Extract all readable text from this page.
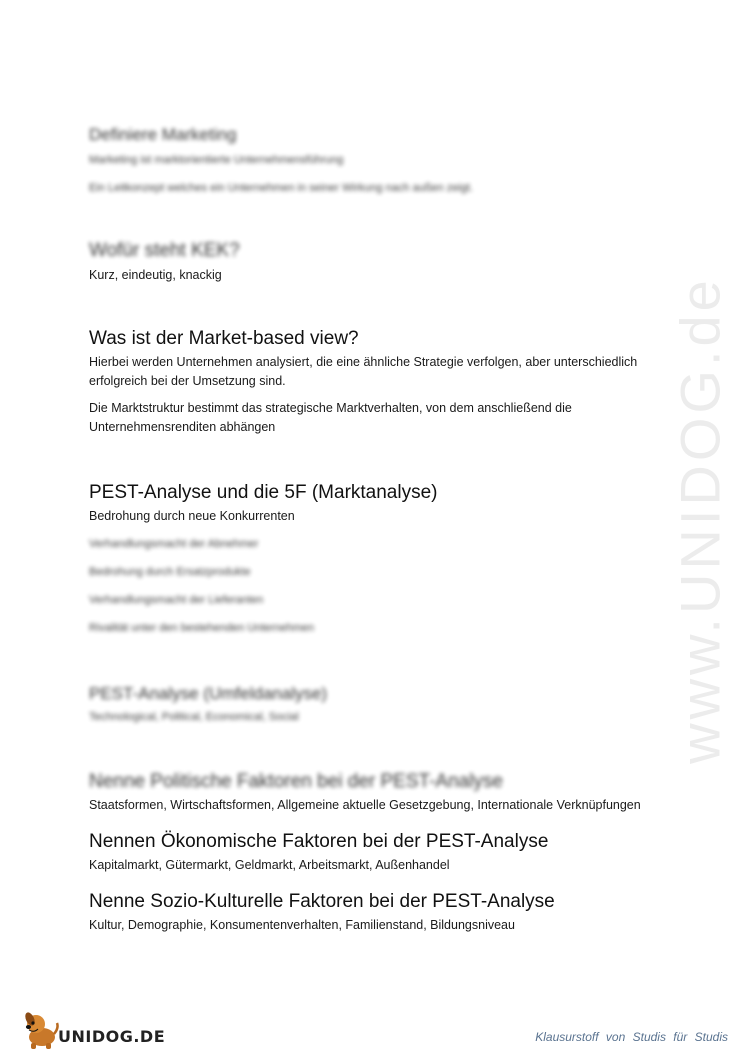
Definiere Marketing

Marketing ist marktorientierte Unternehmensführung

Ein Leitkonzept welches ein Unternehmen in seiner Wirkung nach außen zeigt.

Wofür steht KEK?

Kurz, eindeutig, knackig

Was ist der Market-based view?

Hierbei werden Unternehmen analysiert, die eine ähnliche Strategie verfolgen, aber unterschiedlich erfolgreich bei der Umsetzung sind.

Die Marktstruktur bestimmt das strategische Marktverhalten, von dem anschließend die Unternehmensrenditen abhängen

PEST-Analyse und die 5F (Marktanalyse)

Bedrohung durch neue Konkurrenten

Verhandlungsmacht der Abnehmer

Bedrohung durch Ersatzprodukte

Verhandlungsmacht der Lieferanten

Rivalität unter den bestehenden Unternehmen

PEST-Analyse (Umfeldanalyse)

Technological, Political, Economical, Social

Nenne Politische Faktoren bei der PEST-Analyse

Staatsformen, Wirtschaftsformen, Allgemeine aktuelle Gesetzgebung, Internationale Verknüpfungen

Nennen Ökonomische Faktoren bei der PEST-Analyse

Kapitalmarkt, Gütermarkt, Geldmarkt, Arbeitsmarkt, Außenhandel

Nenne Sozio-Kulturelle Faktoren bei der PEST-Analyse

Kultur, Demographie, Konsumentenverhalten, Familienstand, Bildungsniveau

www.UNIDOG.de
UNIDOG.DE	Klausurstoff von Studis für Studis
